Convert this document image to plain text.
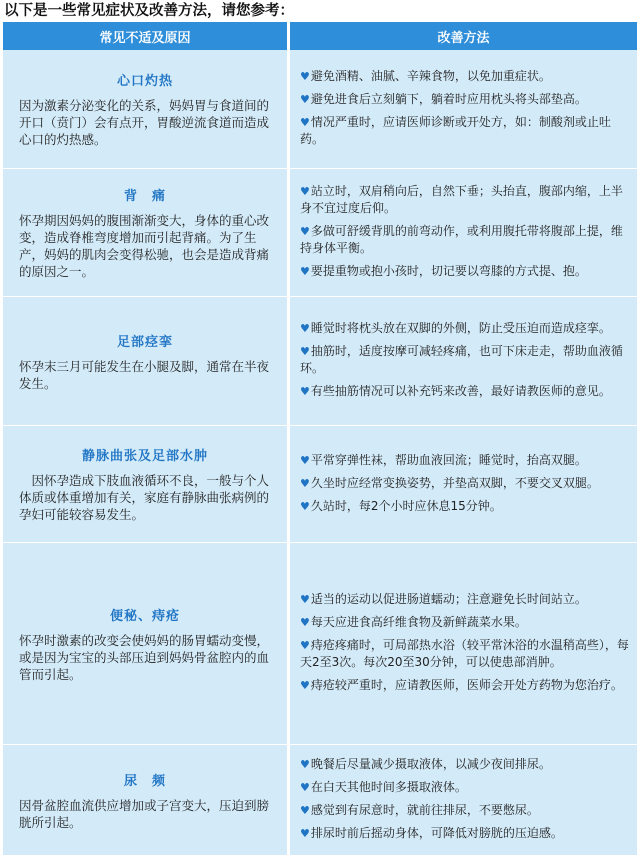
以下是一些常见症状及改善方法，请您参考：
常见不适及原因	改善方法
心口灼热
因为激素分泌变化的关系，妈妈胃与食道间的开口（贲门）会有点开，胃酸逆流食道而造成心口的灼热感。
♥避免酒精、油腻、辛辣食物，以免加重症状。
♥避免进食后立刻躺下，躺着时应用枕头将头部垫高。
♥情况严重时，应请医师诊断或开处方，如：制酸剂或止吐药。
背　痛
怀孕期因妈妈的腹围渐渐变大，身体的重心改变，造成脊椎弯度增加而引起背痛。为了生产，妈妈的肌肉会变得松驰，也会是造成背痛的原因之一。
♥站立时，双肩稍向后，自然下垂；头抬直，腹部内缩，上半身不宜过度后仰。
♥多做可舒缓背肌的前弯动作，或利用腹托带将腹部上提，维持身体平衡。
♥要提重物或抱小孩时，切记要以弯膝的方式提、抱。
足部痉挛
怀孕末三月可能发生在小腿及脚，通常在半夜发生。
♥睡觉时将枕头放在双脚的外侧，防止受压迫而造成痉挛。
♥抽筋时，适度按摩可减轻疼痛，也可下床走走，帮助血液循环。
♥有些抽筋情况可以补充钙来改善，最好请教医师的意见。
静脉曲张及足部水肿
　因怀孕造成下肢血液循环不良，一般与个人体质或体重增加有关，家庭有静脉曲张病例的孕妇可能较容易发生。
♥平常穿弹性袜，帮助血液回流；睡觉时，抬高双腿。
♥久坐时应经常变换姿势，并垫高双脚，不要交叉双腿。
♥久站时，每2个小时应休息15分钟。
便秘、痔疮
怀孕时激素的改变会使妈妈的肠胃蠕动变慢，或是因为宝宝的头部压迫到妈妈骨盆腔内的血管而引起。
♥适当的运动以促进肠道蠕动；注意避免长时间站立。
♥每天应进食高纤维食物及新鲜蔬菜水果。
♥痔疮疼痛时，可局部热水浴（较平常沐浴的水温稍高些），每天2至3次。每次20至30分钟，可以使患部消肿。
♥痔疮较严重时，应请教医师，医师会开处方药物为您治疗。
尿　频
因骨盆腔血流供应增加或子宫变大，压迫到膀胱所引起。
♥晚餐后尽量减少摄取液体，以减少夜间排尿。
♥在白天其他时间多摄取液体。
♥感觉到有尿意时，就前往排尿，不要憋尿。
♥排尿时前后摇动身体，可降低对膀胱的压迫感。
